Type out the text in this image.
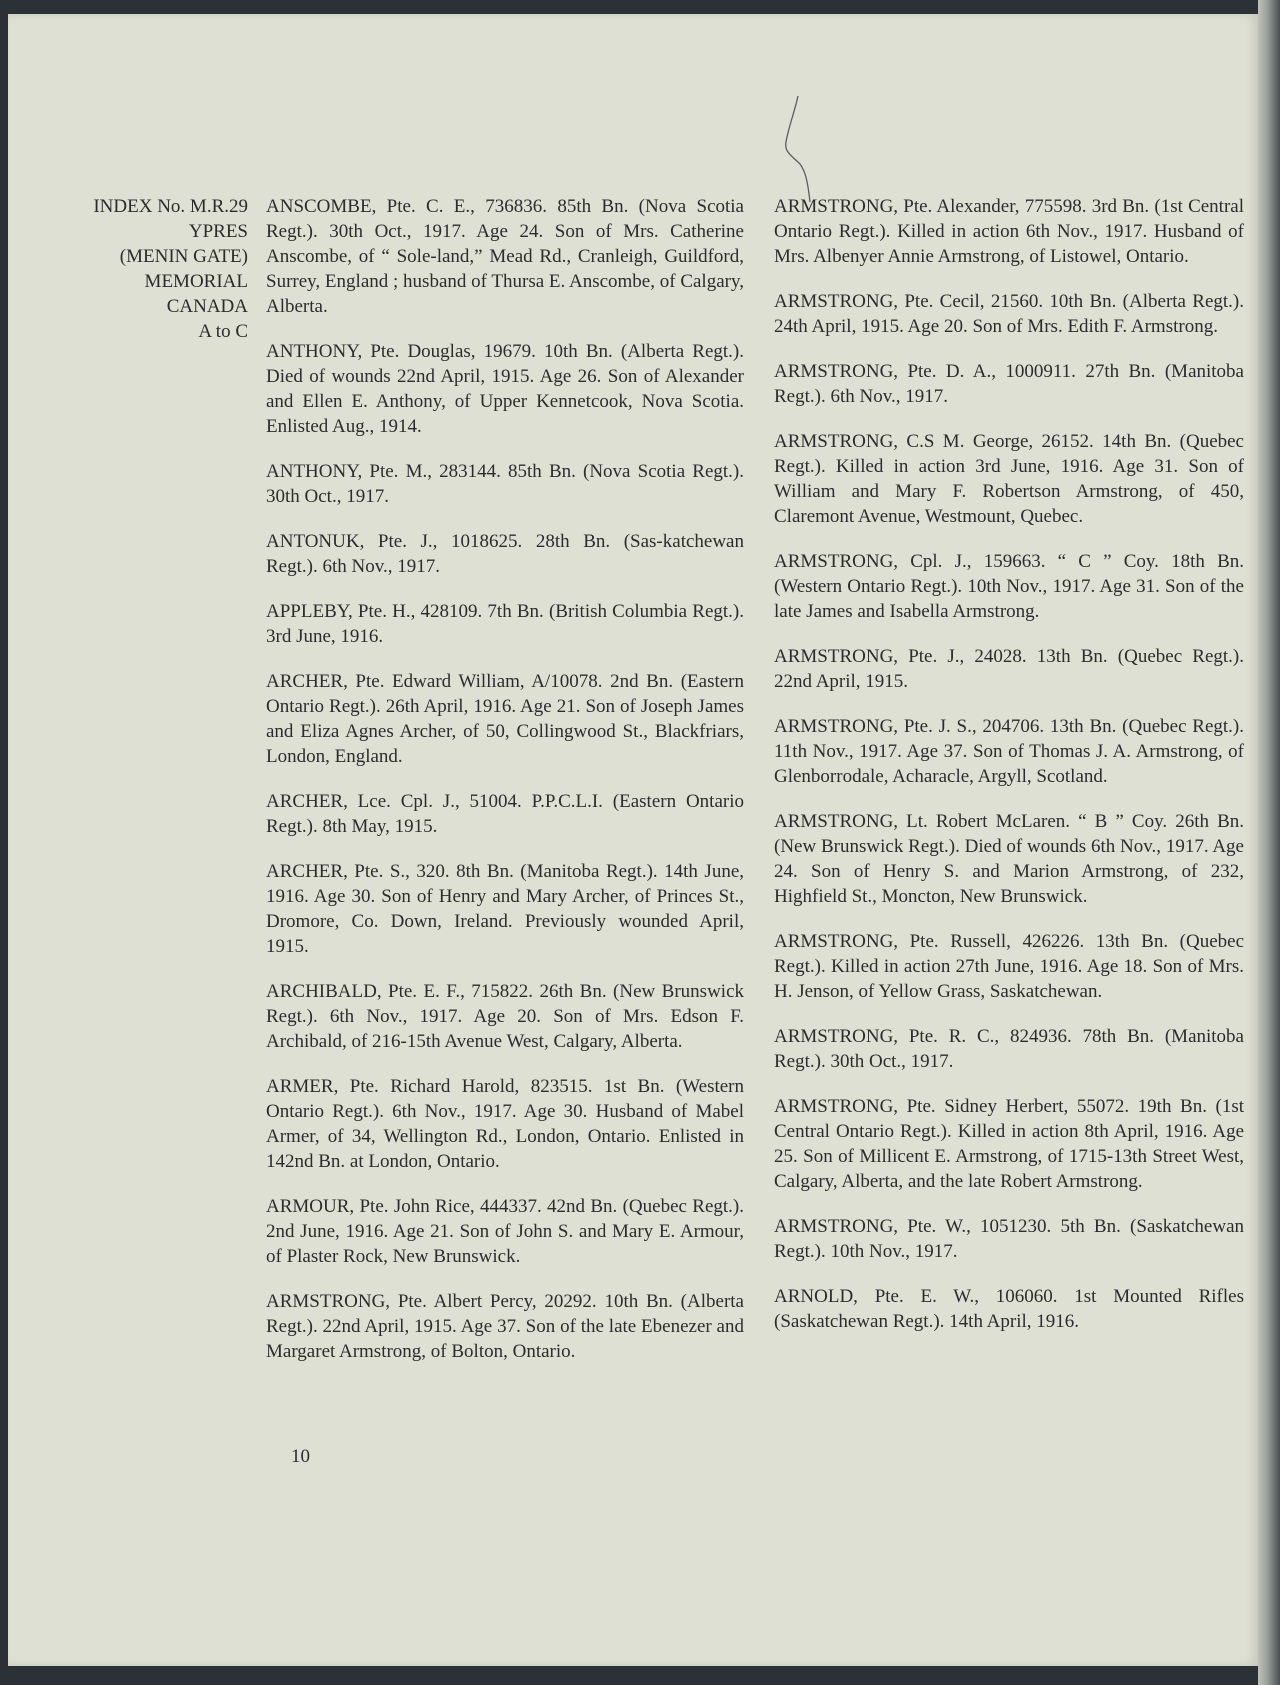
INDEX No. M.R.29
YPRES
(MENIN GATE)
MEMORIAL
CANADA
A to C

ANSCOMBE, Pte. C. E., 736836. 85th Bn. (Nova Scotia Regt.). 30th Oct., 1917. Age 24. Son of Mrs. Catherine Anscombe, of “ Sole-land,” Mead Rd., Cranleigh, Guildford, Surrey, England ; husband of Thursa E. Anscombe, of Calgary, Alberta.

ANTHONY, Pte. Douglas, 19679. 10th Bn. (Alberta Regt.). Died of wounds 22nd April, 1915. Age 26. Son of Alexander and Ellen E. Anthony, of Upper Kennetcook, Nova Scotia. Enlisted Aug., 1914.

ANTHONY, Pte. M., 283144. 85th Bn. (Nova Scotia Regt.). 30th Oct., 1917.

ANTONUK, Pte. J., 1018625. 28th Bn. (Sas-katchewan Regt.). 6th Nov., 1917.

APPLEBY, Pte. H., 428109. 7th Bn. (British Columbia Regt.). 3rd June, 1916.

ARCHER, Pte. Edward William, A/10078. 2nd Bn. (Eastern Ontario Regt.). 26th April, 1916. Age 21. Son of Joseph James and Eliza Agnes Archer, of 50, Collingwood St., Blackfriars, London, England.

ARCHER, Lce. Cpl. J., 51004. P.P.C.L.I. (Eastern Ontario Regt.). 8th May, 1915.

ARCHER, Pte. S., 320. 8th Bn. (Manitoba Regt.). 14th June, 1916. Age 30. Son of Henry and Mary Archer, of Princes St., Dromore, Co. Down, Ireland. Previously wounded April, 1915.

ARCHIBALD, Pte. E. F., 715822. 26th Bn. (New Brunswick Regt.). 6th Nov., 1917. Age 20. Son of Mrs. Edson F. Archibald, of 216-15th Avenue West, Calgary, Alberta.

ARMER, Pte. Richard Harold, 823515. 1st Bn. (Western Ontario Regt.). 6th Nov., 1917. Age 30. Husband of Mabel Armer, of 34, Wellington Rd., London, Ontario. Enlisted in 142nd Bn. at London, Ontario.

ARMOUR, Pte. John Rice, 444337. 42nd Bn. (Quebec Regt.). 2nd June, 1916. Age 21. Son of John S. and Mary E. Armour, of Plaster Rock, New Brunswick.

ARMSTRONG, Pte. Albert Percy, 20292. 10th Bn. (Alberta Regt.). 22nd April, 1915. Age 37. Son of the late Ebenezer and Margaret Armstrong, of Bolton, Ontario.

ARMSTRONG, Pte. Alexander, 775598. 3rd Bn. (1st Central Ontario Regt.). Killed in action 6th Nov., 1917. Husband of Mrs. Albenyer Annie Armstrong, of Listowel, Ontario.

ARMSTRONG, Pte. Cecil, 21560. 10th Bn. (Alberta Regt.). 24th April, 1915. Age 20. Son of Mrs. Edith F. Armstrong.

ARMSTRONG, Pte. D. A., 1000911. 27th Bn. (Manitoba Regt.). 6th Nov., 1917.

ARMSTRONG, C.S M. George, 26152. 14th Bn. (Quebec Regt.). Killed in action 3rd June, 1916. Age 31. Son of William and Mary F. Robertson Armstrong, of 450, Claremont Avenue, Westmount, Quebec.

ARMSTRONG, Cpl. J., 159663. “ C ” Coy. 18th Bn. (Western Ontario Regt.). 10th Nov., 1917. Age 31. Son of the late James and Isabella Armstrong.

ARMSTRONG, Pte. J., 24028. 13th Bn. (Quebec Regt.). 22nd April, 1915.

ARMSTRONG, Pte. J. S., 204706. 13th Bn. (Quebec Regt.). 11th Nov., 1917. Age 37. Son of Thomas J. A. Armstrong, of Glenborrodale, Acharacle, Argyll, Scotland.

ARMSTRONG, Lt. Robert McLaren. “ B ” Coy. 26th Bn. (New Brunswick Regt.). Died of wounds 6th Nov., 1917. Age 24. Son of Henry S. and Marion Armstrong, of 232, Highfield St., Moncton, New Brunswick.

ARMSTRONG, Pte. Russell, 426226. 13th Bn. (Quebec Regt.). Killed in action 27th June, 1916. Age 18. Son of Mrs. H. Jenson, of Yellow Grass, Saskatchewan.

ARMSTRONG, Pte. R. C., 824936. 78th Bn. (Manitoba Regt.). 30th Oct., 1917.

ARMSTRONG, Pte. Sidney Herbert, 55072. 19th Bn. (1st Central Ontario Regt.). Killed in action 8th April, 1916. Age 25. Son of Millicent E. Armstrong, of 1715-13th Street West, Calgary, Alberta, and the late Robert Armstrong.

ARMSTRONG, Pte. W., 1051230. 5th Bn. (Saskatchewan Regt.). 10th Nov., 1917.

ARNOLD, Pte. E. W., 106060. 1st Mounted Rifles (Saskatchewan Regt.). 14th April, 1916.

10
